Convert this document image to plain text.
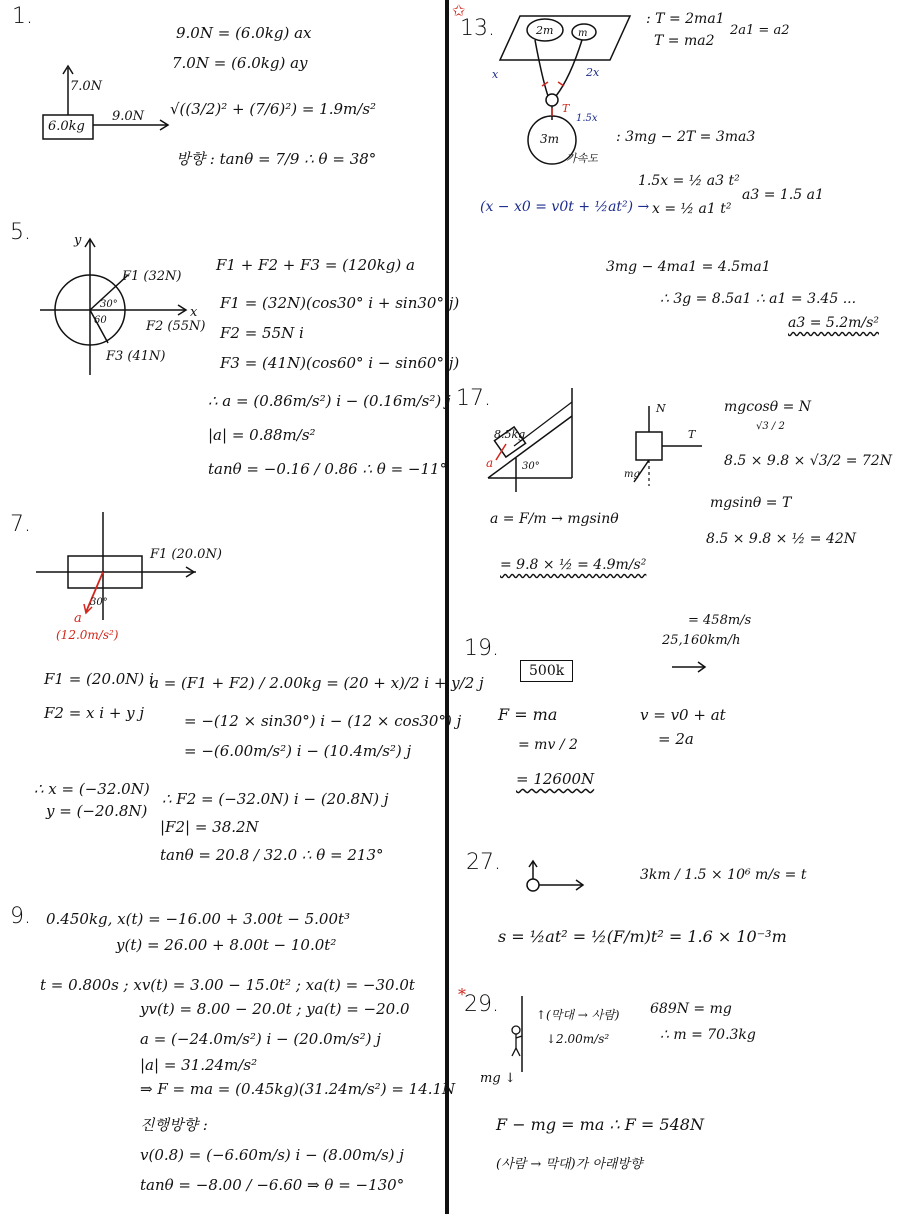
1.
9.0N = (6.0kg) ax
7.0N = (6.0kg) ay
√((3/2)² + (7/6)²) = 1.9m/s²
방향 : tanθ = 7/9 ∴ θ = 38°
6.0kg
7.0N
9.0N
5.	y
x
F1 (32N)
F2 (55N)
F3 (41N)
30°
60
F1 + F2 + F3 = (120kg) a
F1 = (32N)(cos30° i + sin30° j)
F2 = 55N i
F3 = (41N)(cos60° i − sin60° j)
∴ a = (0.86m/s²) i − (0.16m/s²) j
|a| = 0.88m/s²
tanθ = −0.16 / 0.86 ∴ θ = −11°
7.
F1 (20.0N)
a
(12.0m/s²)
30°
F1 = (20.0N) i
F2 = x i + y j
a = (F1 + F2) / 2.00kg = (20 + x)/2 i + y/2 j
= −(12 × sin30°) i − (12 × cos30°) j
= −(6.00m/s²) i − (10.4m/s²) j
∴ x = (−32.0N)
y = (−20.8N)
∴ F2 = (−32.0N) i − (20.8N) j
|F2| = 38.2N
tanθ = 20.8 / 32.0 ∴ θ = 213°
9. 0.450kg, x(t) = −16.00 + 3.00t − 5.00t³
y(t) = 26.00 + 8.00t − 10.0t²
t = 0.800s ; xv(t) = 3.00 − 15.0t² ; xa(t) = −30.0t
yv(t) = 8.00 − 20.0t ; ya(t) = −20.0
a = (−24.0m/s²) i − (20.0m/s²) j
|a| = 31.24m/s²
⇒ F = ma = (0.45kg)(31.24m/s²) = 14.1N
진행방향 :
v(0.8) = (−6.60m/s) i − (8.00m/s) j
tanθ = −8.00 / −6.60 ⇒ θ = −130°
✩
13.	2m m
3m
x	2x
1.5x
T
가속도
: T = 2ma1
T = ma2
2a1 = a2
: 3mg − 2T = 3ma3
1.5x = ½ a3 t²
x = ½ a1 t²
a3 = 1.5 a1
(x − x0 = v0t + ½at²) →
3mg − 4ma1 = 4.5ma1
∴ 3g = 8.5a1 ∴ a1 = 3.45 ...
a3 = 5.2m/s²
17.
8.5kg
a	30°
N
T
mg
mgcosθ = N
√3 / 2
8.5 × 9.8 × √3/2 = 72N
mgsinθ = T
8.5 × 9.8 × ½ = 42N
a = F/m → mgsinθ
= 9.8 × ½ = 4.9m/s²
19.
= 458m/s
25,160km/h
500k
F = ma
= mv / 2
= 12600N
v = v0 + at
= 2a
27.	3km / 1.5 × 10⁶ m/s = t
s = ½at² = ½(F/m)t² = 1.6 × 10⁻³m
*
29.	↑(막대 → 사람)
↓2.00m/s²
689N = mg
∴ m = 70.3kg
mg ↓
F − mg = ma ∴ F = 548N
(사람 → 막대)가 아래방향
